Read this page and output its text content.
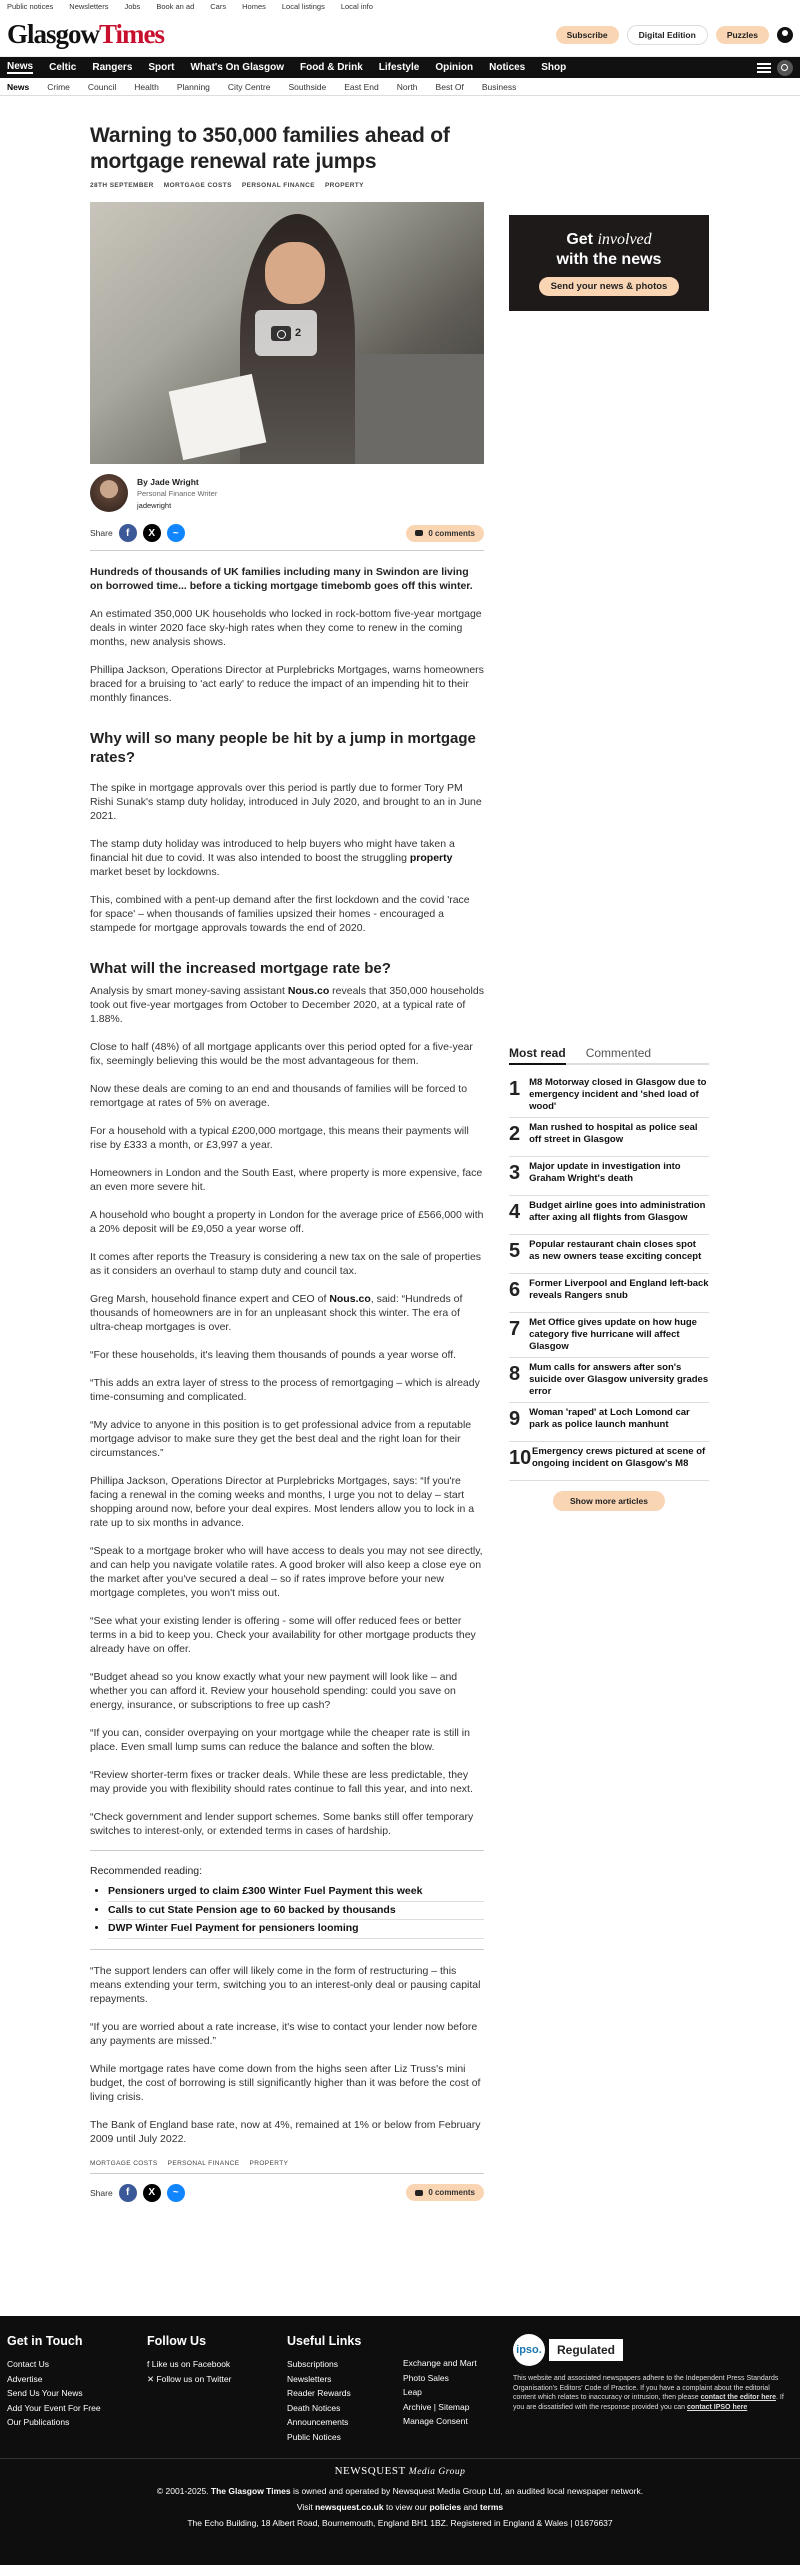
Public notices Newsletters Jobs Book an ad Cars Homes Local listings Local info
GlasgowTimes	Subscribe	Digital Edition	Puzzles
News Celtic Rangers Sport What's On Glasgow Food & Drink Lifestyle Opinion Notices Shop
News Crime Council Health Planning City Centre Southside East End North Best Of Business
Warning to 350,000 families ahead of mortgage renewal rate jumps
28TH SEPTEMBER MORTGAGE COSTS PERSONAL FINANCE PROPERTY
2
By Jade Wright
Personal Finance Writer
jadewright
Share	f	X	~	0 comments

Hundreds of thousands of UK families including many in Swindon are living on borrowed time... before a ticking mortgage timebomb goes off this winter.

An estimated 350,000 UK households who locked in rock-bottom five-year mortgage deals in winter 2020 face sky-high rates when they come to renew in the coming months, new analysis shows.

Phillipa Jackson, Operations Director at Purplebricks Mortgages, warns homeowners braced for a bruising to 'act early' to reduce the impact of an impending hit to their monthly finances.

Why will so many people be hit by a jump in mortgage rates?

The spike in mortgage approvals over this period is partly due to former Tory PM Rishi Sunak's stamp duty holiday, introduced in July 2020, and brought to an in June 2021.

The stamp duty holiday was introduced to help buyers who might have taken a financial hit due to covid. It was also intended to boost the struggling property market beset by lockdowns.

This, combined with a pent-up demand after the first lockdown and the covid 'race for space' – when thousands of families upsized their homes - encouraged a stampede for mortgage approvals towards the end of 2020.

What will the increased mortgage rate be?

Analysis by smart money-saving assistant Nous.co reveals that 350,000 households took out five-year mortgages from October to December 2020, at a typical rate of 1.88%.

Close to half (48%) of all mortgage applicants over this period opted for a five-year fix, seemingly believing this would be the most advantageous for them.

Now these deals are coming to an end and thousands of families will be forced to remortgage at rates of 5% on average.

For a household with a typical £200,000 mortgage, this means their payments will rise by £333 a month, or £3,997 a year.

Homeowners in London and the South East, where property is more expensive, face an even more severe hit.

A household who bought a property in London for the average price of £566,000 with a 20% deposit will be £9,050 a year worse off.

It comes after reports the Treasury is considering a new tax on the sale of properties as it considers an overhaul to stamp duty and council tax.

Greg Marsh, household finance expert and CEO of Nous.co, said: “Hundreds of thousands of homeowners are in for an unpleasant shock this winter. The era of ultra-cheap mortgages is over.

“For these households, it's leaving them thousands of pounds a year worse off.

“This adds an extra layer of stress to the process of remortgaging – which is already time-consuming and complicated.

“My advice to anyone in this position is to get professional advice from a reputable mortgage advisor to make sure they get the best deal and the right loan for their circumstances.”

Phillipa Jackson, Operations Director at Purplebricks Mortgages, says: “If you're facing a renewal in the coming weeks and months, I urge you not to delay – start shopping around now, before your deal expires. Most lenders allow you to lock in a rate up to six months in advance.

“Speak to a mortgage broker who will have access to deals you may not see directly, and can help you navigate volatile rates. A good broker will also keep a close eye on the market after you've secured a deal – so if rates improve before your new mortgage completes, you won't miss out.

“See what your existing lender is offering - some will offer reduced fees or better terms in a bid to keep you. Check your availability for other mortgage products they already have on offer.

“Budget ahead so you know exactly what your new payment will look like – and whether you can afford it. Review your household spending: could you save on energy, insurance, or subscriptions to free up cash?

“If you can, consider overpaying on your mortgage while the cheaper rate is still in place. Even small lump sums can reduce the balance and soften the blow.

“Review shorter-term fixes or tracker deals. While these are less predictable, they may provide you with flexibility should rates continue to fall this year, and into next.

“Check government and lender support schemes. Some banks still offer temporary switches to interest-only, or extended terms in cases of hardship.

Recommended reading:
• Pensioners urged to claim £300 Winter Fuel Payment this week
• Calls to cut State Pension age to 60 backed by thousands
• DWP Winter Fuel Payment for pensioners looming

“The support lenders can offer will likely come in the form of restructuring – this means extending your term, switching you to an interest-only deal or pausing capital repayments.

“If you are worried about a rate increase, it's wise to contact your lender now before any payments are missed.”

While mortgage rates have come down from the highs seen after Liz Truss's mini budget, the cost of borrowing is still significantly higher than it was before the cost of living crisis.

The Bank of England base rate, now at 4%, remained at 1% or below from February 2009 until July 2022.

MORTGAGE COSTS PERSONAL FINANCE PROPERTY
Share	f	X	~	0 comments
Get involved
with the news
Send your news & photos
Most read Commented
1 M8 Motorway closed in Glasgow due to emergency incident and 'shed load of wood'
2 Man rushed to hospital as police seal off street in Glasgow
3 Major update in investigation into Graham Wright's death
4 Budget airline goes into administration after axing all flights from Glasgow
5 Popular restaurant chain closes spot as new owners tease exciting concept
6 Former Liverpool and England left-back reveals Rangers snub
7 Met Office gives update on how huge category five hurricane will affect Glasgow
8 Mum calls for answers after son's suicide over Glasgow university grades error
9 Woman 'raped' at Loch Lomond car park as police launch manhunt
10 Emergency crews pictured at scene of ongoing incident on Glasgow's M8
Show more articles
Get in Touch
Contact Us
Advertise
Send Us Your News
Add Your Event For Free
Our Publications
Follow Us
f Like us on Facebook
✕ Follow us on Twitter
Useful Links
Subscriptions
Newsletters
Reader Rewards
Death Notices
Announcements
Public Notices
Exchange and Mart
Photo Sales
Leap
Archive | Sitemap
Manage Consent
ipso.	Regulated

This website and associated newspapers adhere to the Independent Press Standards Organisation's Editors' Code of Practice. If you have a complaint about the editorial content which relates to inaccuracy or intrusion, then please contact the editor here. If you are dissatisfied with the response provided you can contact IPSO here

NEWSQUEST Media Group
© 2001-2025. The Glasgow Times is owned and operated by Newsquest Media Group Ltd, an audited local newspaper network.
Visit newsquest.co.uk to view our policies and terms
The Echo Building, 18 Albert Road, Bournemouth, England BH1 1BZ. Registered in England & Wales | 01676637
